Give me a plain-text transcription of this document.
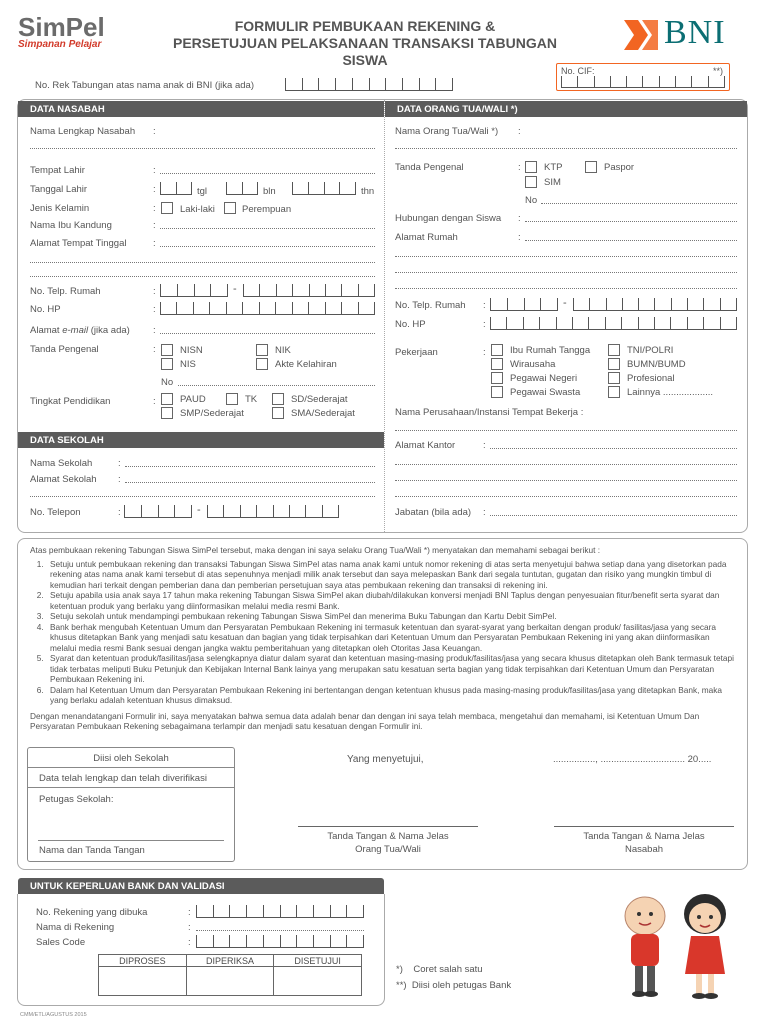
SimPel
Simpanan Pelajar
FORMULIR PEMBUKAAN REKENING &
PERSETUJUAN PELAKSANAAN TRANSAKSI TABUNGAN SISWA
BNI
No. Rek Tabungan atas nama anak di BNI (jika ada)
No. CIF:	**)
DATA NASABAH	DATA ORANG TUA/WALI *)
Nama Lengkap Nasabah :
Tempat Lahir	:
Tanggal Lahir	:	tgl	bln	thn
Jenis Kelamin	:	Laki-laki	Perempuan
Nama Ibu Kandung	:
Alamat Tempat Tinggal	:
No. Telp. Rumah	:	-
No. HP	:
Alamat e-mail (jika ada) :
Tanda Pengenal	:	NISN	NIK
NIS	Akte Kelahiran
No
Tingkat Pendidikan	:	PAUD	TK	SD/Sederajat
SMP/Sederajat	SMA/Sederajat
DATA SEKOLAH
Nama Sekolah	:
Alamat Sekolah :
No. Telepon	:	-
Nama Orang Tua/Wali *) :
Tanda Pengenal	: KTP	Paspor
SIM
No
Hubungan dengan Siswa :
Alamat Rumah	:
No. Telp. Rumah :	-
No. HP	:
Pekerjaan	:	Ibu Rumah Tangga	TNI/POLRI
Wirausaha	BUMN/BUMD
Pegawai Negeri	Profesional
Pegawai Swasta	Lainnya ...................
Nama Perusahaan/Instansi Tempat Bekerja :
Alamat Kantor	:
Jabatan (bila ada) :

Atas pembukaan rekening Tabungan Siswa SimPel tersebut, maka dengan ini saya selaku Orang Tua/Wali *) menyatakan dan memahami sebagai berikut :

1. Setuju untuk pembukaan rekening dan transaksi Tabungan Siswa SimPel atas nama anak kami untuk nomor rekening di atas serta menyetujui bahwa setiap dana yang disetorkan pada rekening atas nama anak kami tersebut di atas sepenuhnya menjadi milik anak tersebut dan saya melepaskan Bank dari segala tuntutan, gugatan dan risiko yang mungkin timbul di kemudian hari terkait dengan pemberian dana dan pemberian persetujuan saya atas pembukaan rekening dan transaksi di rekening ini.
2. Setuju apabila usia anak saya 17 tahun maka rekening Tabungan Siswa SimPel akan diubah/dilakukan konversi menjadi BNI Taplus dengan penyesuaian fitur/benefit serta syarat dan ketentuan produk yang berlaku yang diinformasikan melalui media resmi Bank.
3. Setuju sekolah untuk mendampingi pembukaan rekening Tabungan Siswa SimPel dan menerima Buku Tabungan dan Kartu Debit SimPel.
4. Bank berhak mengubah Ketentuan Umum dan Persyaratan Pembukaan Rekening ini termasuk ketentuan dan syarat-syarat yang berkaitan dengan produk/ fasilitas/jasa yang secara khusus ditetapkan Bank yang menjadi satu kesatuan dan bagian yang tidak terpisahkan dari Ketentuan Umum dan Persyaratan Pembukaan Rekening ini yang akan diinformasikan melalui media resmi Bank sesuai dengan jangka waktu pemberitahuan yang ditetapkan oleh Otoritas Jasa Keuangan.
5. Syarat dan ketentuan produk/fasilitas/jasa selengkapnya diatur dalam syarat dan ketentuan masing-masing produk/fasilitas/jasa yang secara khusus ditetapkan oleh Bank termasuk tetapi tidak terbatas meliputi Buku Petunjuk dan Kebijakan Internal Bank lainya yang merupakan satu kesatuan serta bagian yang tidak terpisahkan dari Ketentuan Umum dan Persyaratan Pembukaan Rekening ini.
6. Dalam hal Ketentuan Umum dan Persyaratan Pembukaan Rekening ini bertentangan dengan ketentuan khusus pada masing-masing produk/fasilitas/jasa yang ditetapkan Bank, maka yang berlaku adalah ketentuan khusus dimaksud.

Dengan menandatangani Formulir ini, saya menyatakan bahwa semua data adalah benar dan dengan ini saya telah membaca, mengetahui dan memahami, isi Ketentuan Umum Dan Persyaratan Pembukaan Rekening sebagaimana terlampir dan menjadi satu kesatuan dengan Formulir ini.

Diisi oleh Sekolah
Data telah lengkap dan telah diverifikasi
Petugas Sekolah:
Nama dan Tanda Tangan
Yang menyetujui,	................, ................................ 20.....
Tanda Tangan & Nama Jelas
Orang Tua/Wali
Tanda Tangan & Nama Jelas
Nasabah
UNTUK KEPERLUAN BANK DAN VALIDASI
No. Rekening yang dibuka	:
Nama di Rekening	:
Sales Code	:
DIPROSES	DIPERIKSA	DISETUJUI
*)    Coret salah satu
**)  Diisi oleh petugas Bank
CMM/ETL/AGUSTUS 2015
